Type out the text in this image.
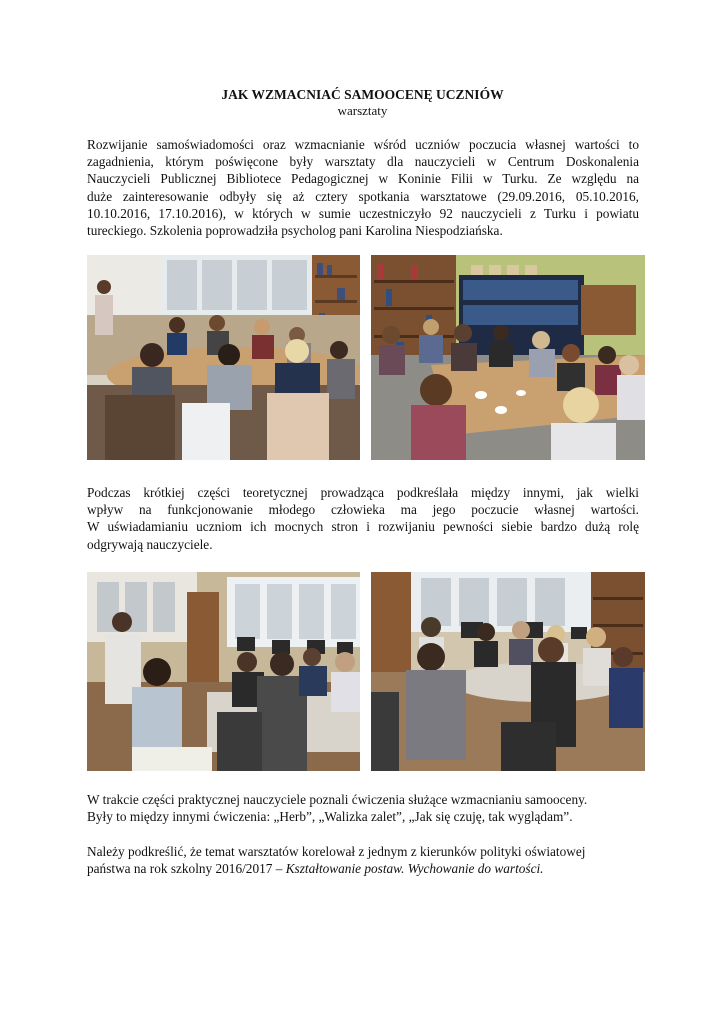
JAK WZMACNIAĆ SAMOOCENĘ UCZNIÓW
warsztaty
Rozwijanie samoświadomości oraz wzmacnianie wśród uczniów poczucia własnej wartości to
zagadnienia, którym poświęcone były warsztaty dla nauczycieli w Centrum Doskonalenia
Nauczycieli Publicznej Bibliotece Pedagogicznej w Koninie Filii w Turku. Ze względu na
duże zainteresowanie odbyły się aż cztery spotkania warsztatowe (29.09.2016, 05.10.2016,
10.10.2016, 17.10.2016), w których w sumie uczestniczyło 92 nauczycieli z Turku i powiatu
tureckiego. Szkolenia poprowadziła psycholog pani Karolina Niespodziańska.
Podczas krótkiej części teoretycznej prowadząca podkreślała między innymi, jak wielki
wpływ na funkcjonowanie młodego człowieka ma jego poczucie własnej wartości.
W uświadamianiu uczniom ich mocnych stron i rozwijaniu pewności siebie bardzo dużą rolę
odgrywają nauczyciele.
W trakcie części praktycznej nauczyciele poznali ćwiczenia służące wzmacnianiu samooceny.
Były to między innymi ćwiczenia: „Herb”, „Walizka zalet”, „Jak się czuję, tak wyglądam”.
Należy podkreślić, że temat warsztatów korelował z jednym z kierunków polityki oświatowej
państwa na rok szkolny 2016/2017 – Kształtowanie postaw. Wychowanie do wartości.
